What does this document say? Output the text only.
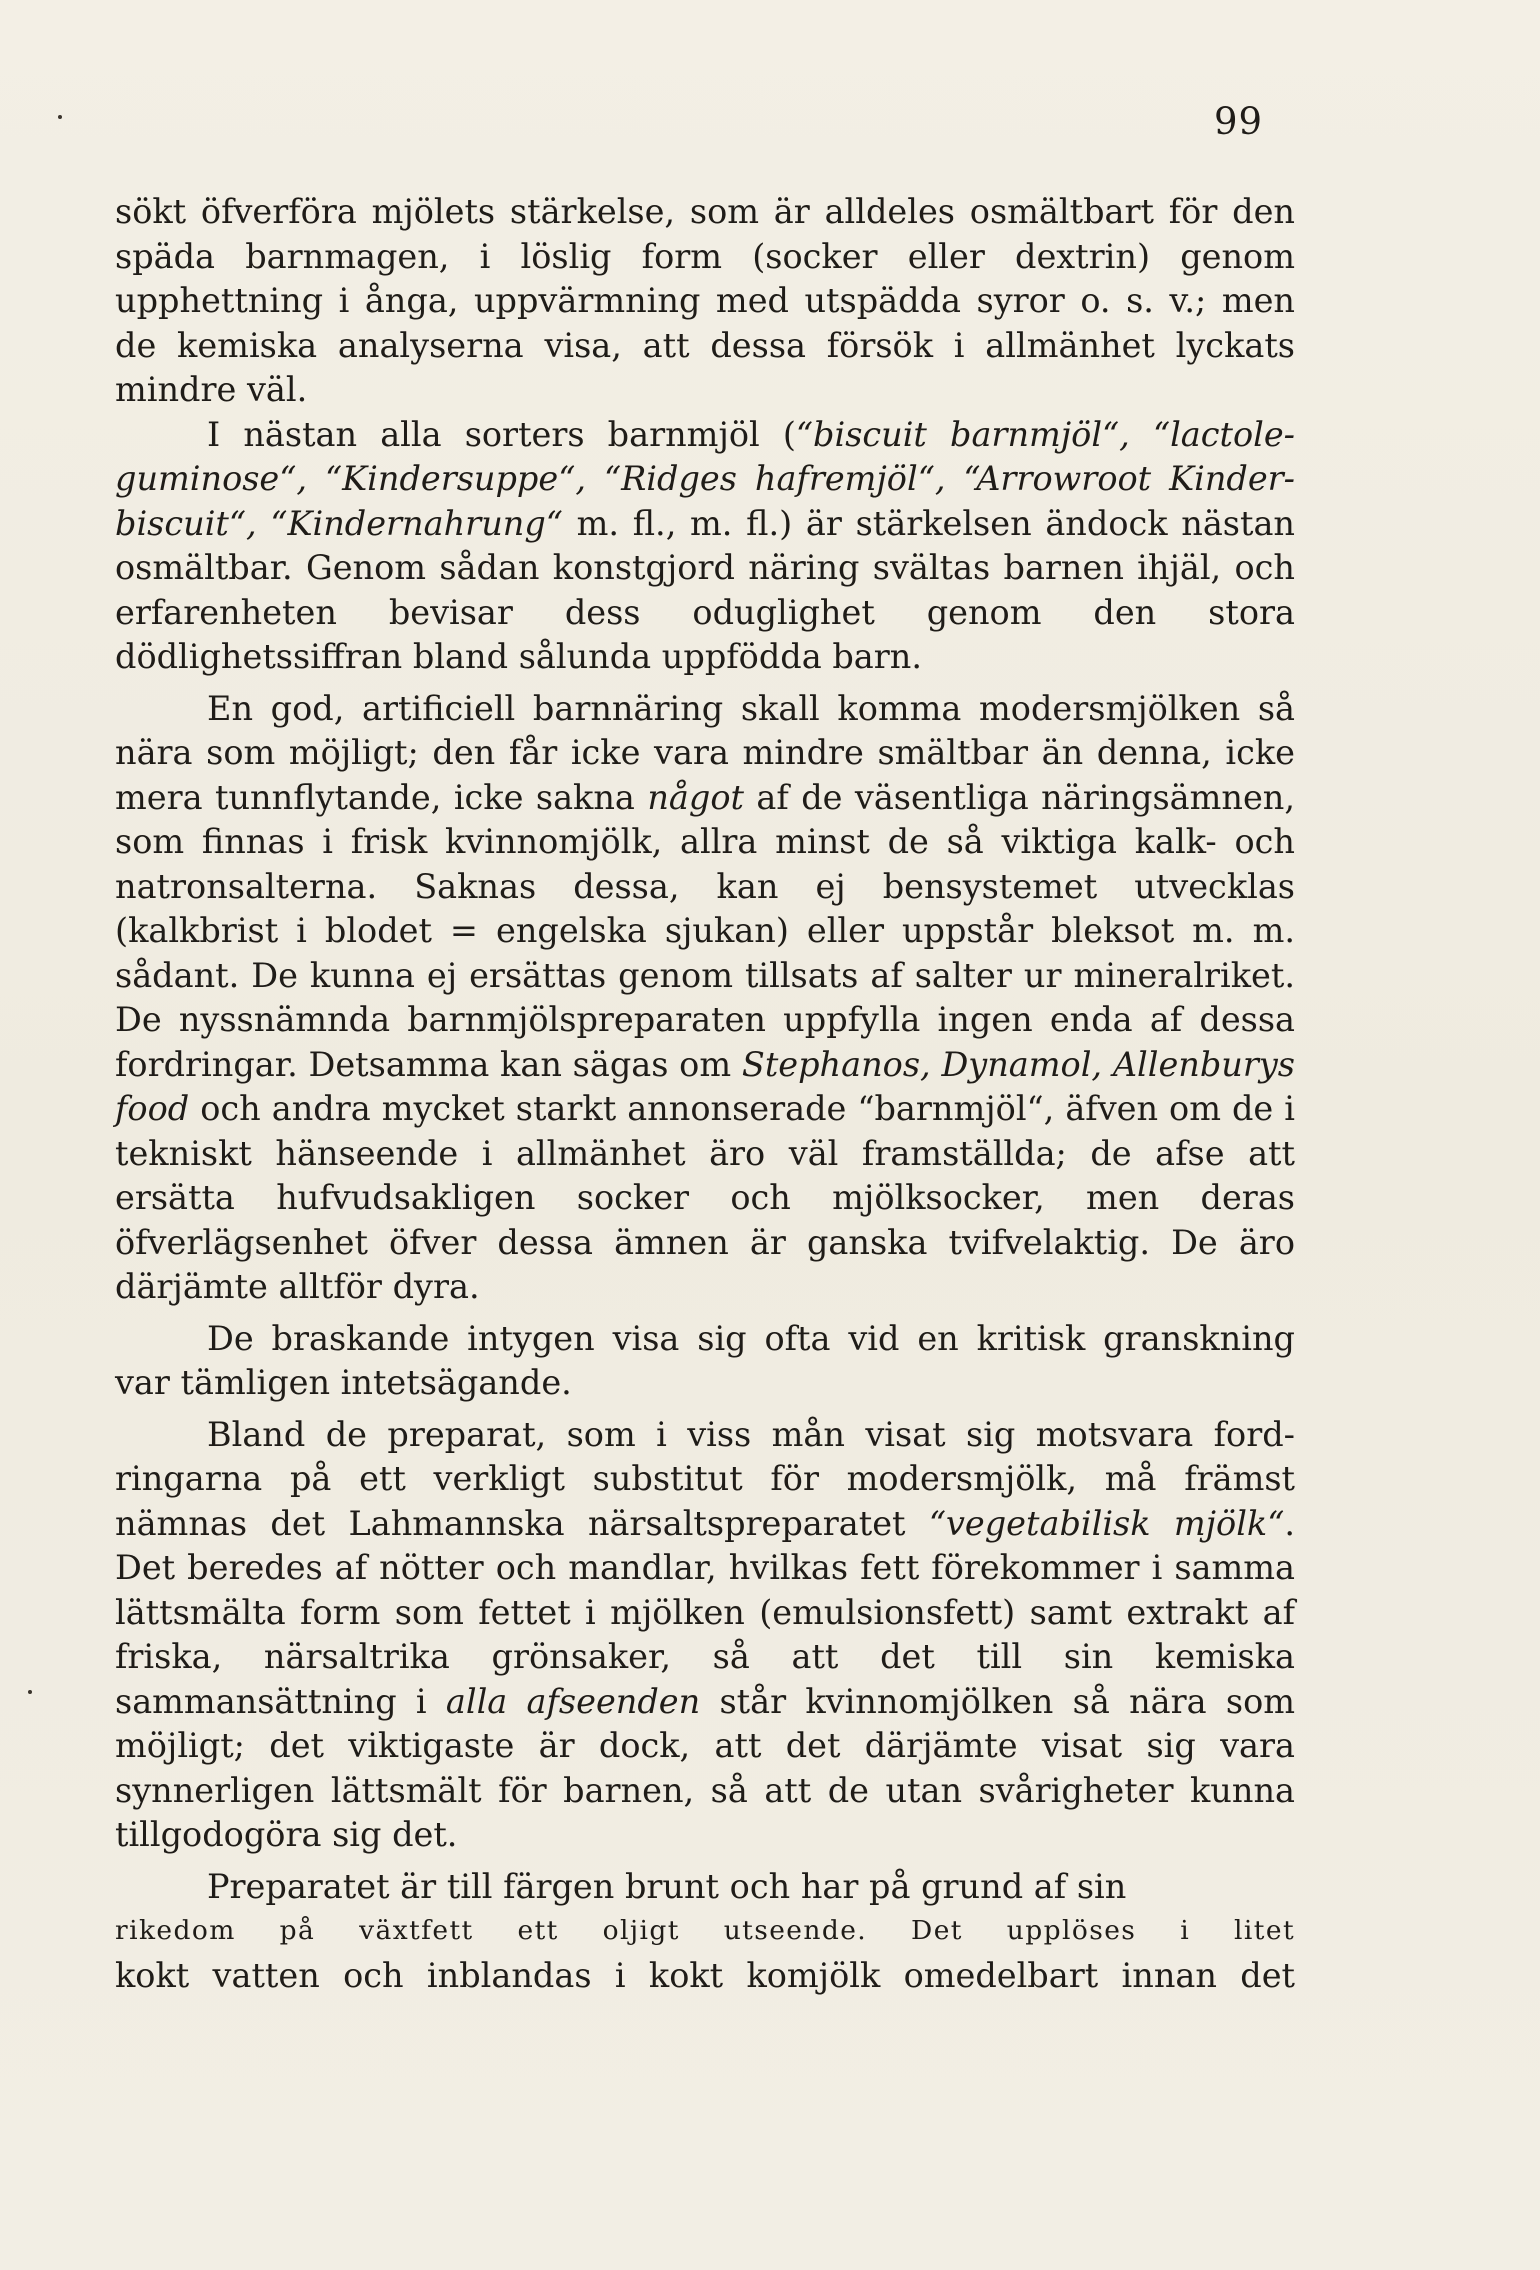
99

sökt öfverföra mjölets stärkelse, som är alldeles osmältbart för den späda barnmagen, i löslig form (socker eller dextrin) genom upphettning i ånga, uppvärmning med utspädda syror o. s. v.; men de kemiska analyserna visa, att dessa försök i allmänhet lyckats mindre väl.

I nästan alla sorters barnmjöl (“biscuit barnmjöl“, “lactole-guminose“, “Kindersuppe“, “Ridges hafremjöl“, “Arrowroot Kinder-biscuit“, “Kindernahrung“ m. fl., m. fl.) är stärkelsen ändock nästan osmältbar. Genom sådan konstgjord näring svältas barnen ihjäl, och erfarenheten bevisar dess oduglighet genom den stora dödlighetssiffran bland sålunda uppfödda barn.

En god, artificiell barnnäring skall komma modersmjölken så nära som möjligt; den får icke vara mindre smältbar än denna, icke mera tunnflytande, icke sakna något af de väsentliga näringsämnen, som finnas i frisk kvinnomjölk, allra minst de så viktiga kalk- och natronsalterna. Saknas dessa, kan ej bensystemet utvecklas (kalkbrist i blodet = engelska sjukan) eller uppstår bleksot m. m. sådant. De kunna ej ersättas genom tillsats af salter ur mineralriket. De nyssnämnda barnmjölspreparaten uppfylla ingen enda af dessa fordringar. Detsamma kan sägas om Stephanos, Dynamol, Allenburys food och andra mycket starkt annonserade “barnmjöl“, äfven om de i tekniskt hänseende i allmänhet äro väl framställda; de afse att ersätta hufvudsakligen socker och mjölksocker, men deras öfverlägsenhet öfver dessa ämnen är ganska tvifvelaktig. De äro därjämte alltför dyra.

De braskande intygen visa sig ofta vid en kritisk granskning var tämligen intetsägande.

Bland de preparat, som i viss mån visat sig motsvara fordringarna på ett verkligt substitut för modersmjölk, må främst nämnas det Lahmannska närsaltspreparatet “vegetabilisk mjölk“. Det beredes af nötter och mandlar, hvilkas fett förekommer i samma lättsmälta form som fettet i mjölken (emulsionsfett) samt extrakt af friska, närsaltrika grönsaker, så att det till sin kemiska sammansättning i alla afseenden står kvinnomjölken så nära som möjligt; det viktigaste är dock, att det därjämte visat sig vara synnerligen lättsmält för barnen, så att de utan svårigheter kunna tillgodogöra sig det.

Preparatet är till färgen brunt och har på grund af sin

rikedom på växtfett ett oljigt utseende. Det upplöses i litet
kokt vatten och inblandas i kokt komjölk omedelbart innan det
